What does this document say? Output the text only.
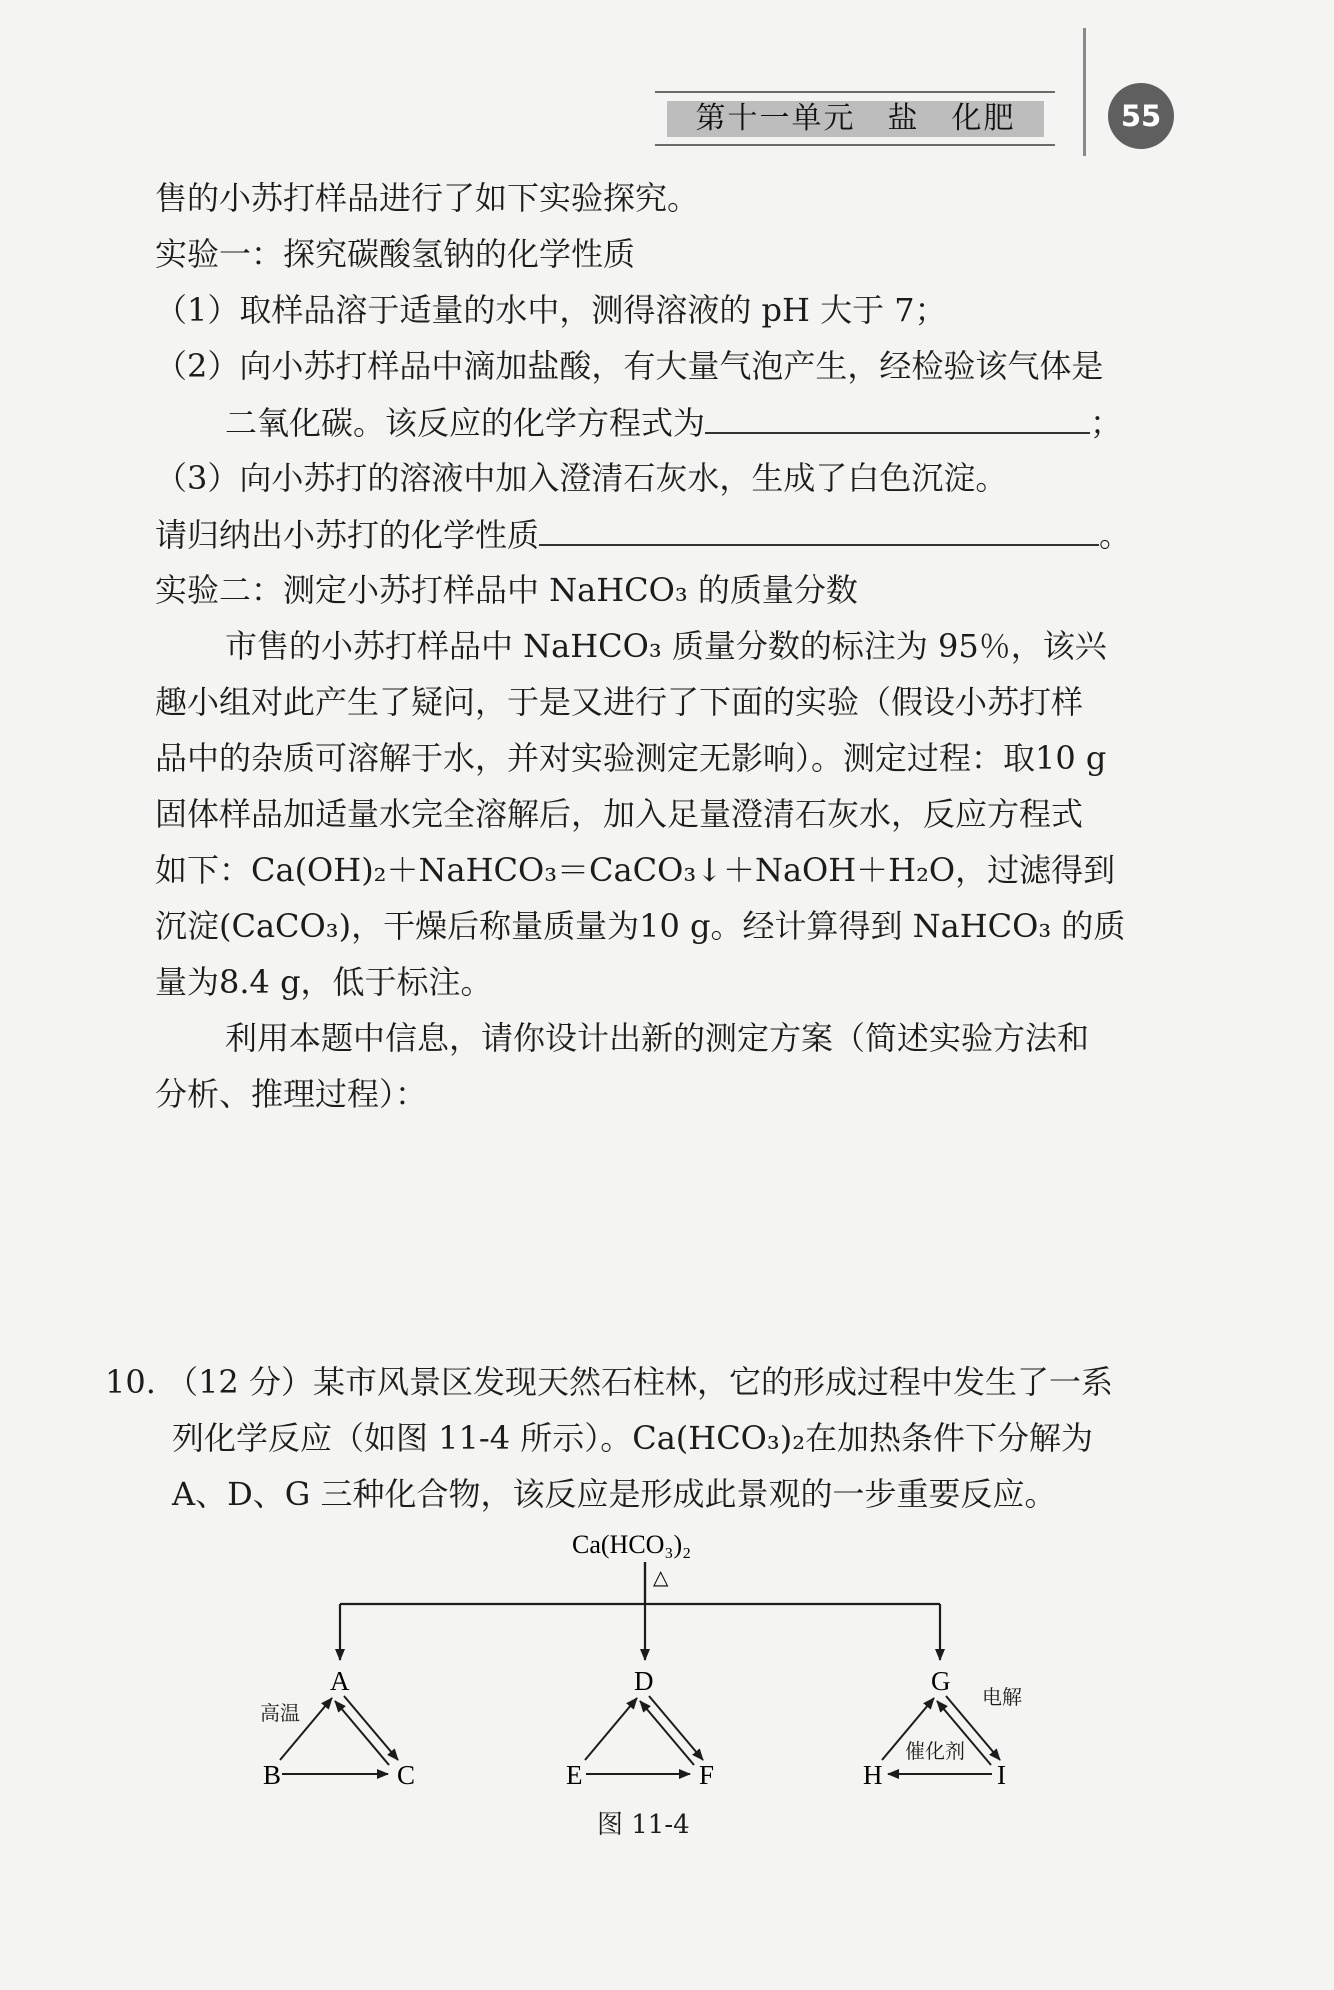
第十一单元　盐　化肥	55
售的小苏打样品进行了如下实验探究。
实验一：探究碳酸氢钠的化学性质
（1）取样品溶于适量的水中，测得溶液的 pH 大于 7；
（2）向小苏打样品中滴加盐酸，有大量气泡产生，经检验该气体是
二氧化碳。该反应的化学方程式为	；
（3）向小苏打的溶液中加入澄清石灰水，生成了白色沉淀。
请归纳出小苏打的化学性质	。
实验二：测定小苏打样品中 NaHCO₃ 的质量分数
市售的小苏打样品中 NaHCO₃ 质量分数的标注为 95％，该兴
趣小组对此产生了疑问，于是又进行了下面的实验（假设小苏打样
品中的杂质可溶解于水，并对实验测定无影响）。测定过程：取10 g
固体样品加适量水完全溶解后，加入足量澄清石灰水，反应方程式
如下：Ca(OH)₂＋NaHCO₃＝CaCO₃↓＋NaOH＋H₂O，过滤得到
沉淀(CaCO₃)，干燥后称量质量为10 g。经计算得到 NaHCO₃ 的质
量为8.4 g，低于标注。
利用本题中信息，请你设计出新的测定方案（简述实验方法和
分析、推理过程）：
10. （12 分）某市风景区发现天然石柱林，它的形成过程中发生了一系
列化学反应（如图 11-4 所示）。Ca(HCO₃)₂在加热条件下分解为
A、D、G 三种化合物，该反应是形成此景观的一步重要反应。
Ca(HCO₃)₂
△
A
B	C
D
E	F
G
H	I
高温
电解
催化剂
图 11-4
